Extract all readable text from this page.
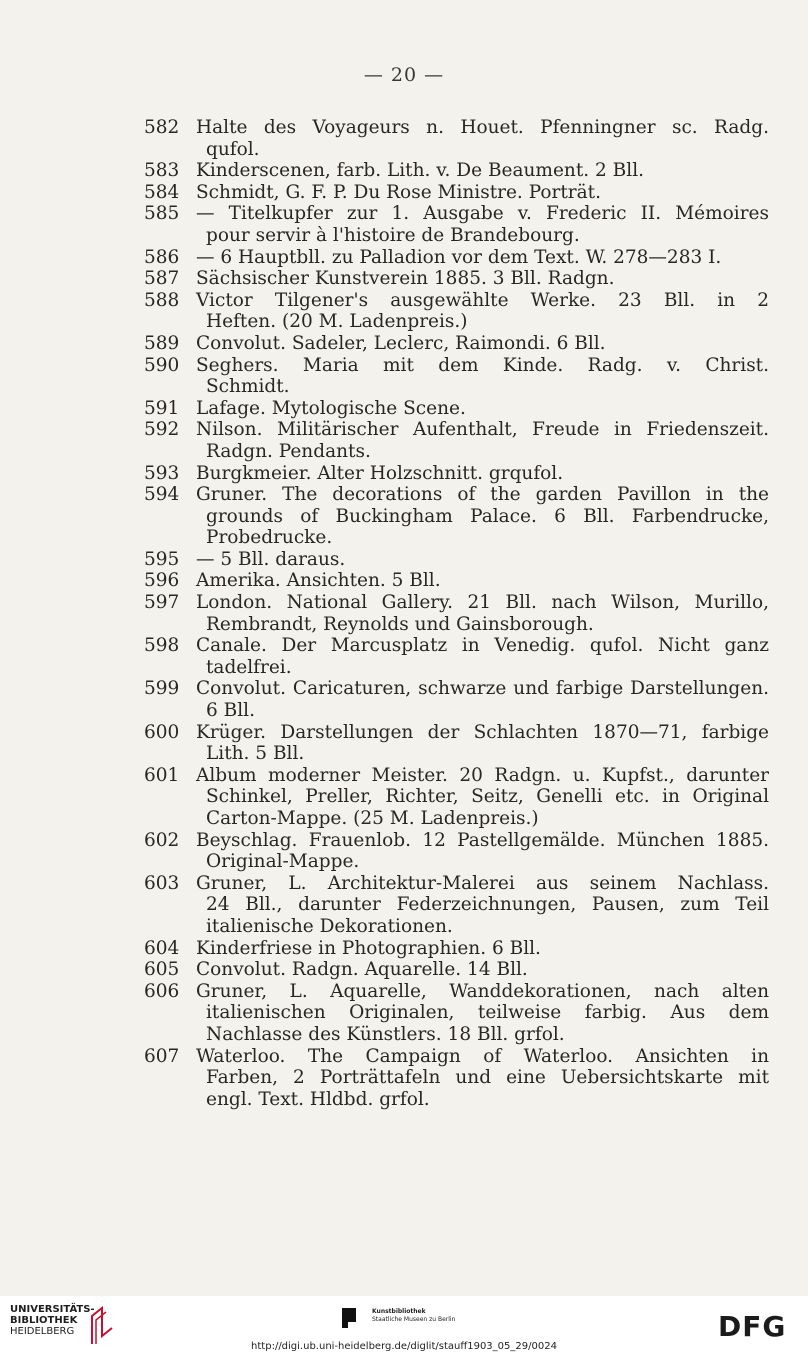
— 20 —
582 Halte des Voyageurs n. Houet. Pfenningner sc. Radg.
qufol.
583 Kinderscenen, farb. Lith. v. De Beaument. 2 Bll.
584 Schmidt, G. F. P. Du Rose Ministre. Porträt.
585 — Titelkupfer zur 1. Ausgabe v. Frederic II. Mémoires
pour servir à l'histoire de Brandebourg.
586 — 6 Hauptbll. zu Palladion vor dem Text. W. 278—283 I.
587 Sächsischer Kunstverein 1885. 3 Bll. Radgn.
588 Victor Tilgener's ausgewählte Werke. 23 Bll. in 2
Heften. (20 M. Ladenpreis.)
589 Convolut. Sadeler, Leclerc, Raimondi. 6 Bll.
590 Seghers. Maria mit dem Kinde. Radg. v. Christ.
Schmidt.
591 Lafage. Mytologische Scene.
592 Nilson. Militärischer Aufenthalt, Freude in Friedenszeit.
Radgn. Pendants.
593 Burgkmeier. Alter Holzschnitt. grqufol.
594 Gruner. The decorations of the garden Pavillon in the
grounds of Buckingham Palace. 6 Bll. Farbendrucke,
Probedrucke.
595 — 5 Bll. daraus.
596 Amerika. Ansichten. 5 Bll.
597 London. National Gallery. 21 Bll. nach Wilson, Murillo,
Rembrandt, Reynolds und Gainsborough.
598 Canale. Der Marcusplatz in Venedig. qufol. Nicht ganz
tadelfrei.
599 Convolut. Caricaturen, schwarze und farbige Darstellungen.
6 Bll.
600 Krüger. Darstellungen der Schlachten 1870—71, farbige
Lith. 5 Bll.
601 Album moderner Meister. 20 Radgn. u. Kupfst., darunter
Schinkel, Preller, Richter, Seitz, Genelli etc. in Original
Carton-Mappe. (25 M. Ladenpreis.)
602 Beyschlag. Frauenlob. 12 Pastellgemälde. München 1885.
Original-Mappe.
603 Gruner, L. Architektur-Malerei aus seinem Nachlass.
24 Bll., darunter Federzeichnungen, Pausen, zum Teil
italienische Dekorationen.
604 Kinderfriese in Photographien. 6 Bll.
605 Convolut. Radgn. Aquarelle. 14 Bll.
606 Gruner, L. Aquarelle, Wanddekorationen, nach alten
italienischen Originalen, teilweise farbig. Aus dem
Nachlasse des Künstlers. 18 Bll. grfol.
607 Waterloo. The Campaign of Waterloo. Ansichten in
Farben, 2 Porträttafeln und eine Uebersichtskarte mit
engl. Text. Hldbd. grfol.
UNIVERSITÄTS-
BIBLIOTHEK
HEIDELBERG
Kunstbibliothek
Staatliche Museen zu Berlin
http://digi.ub.uni-heidelberg.de/diglit/stauff1903_05_29/0024
DFG
